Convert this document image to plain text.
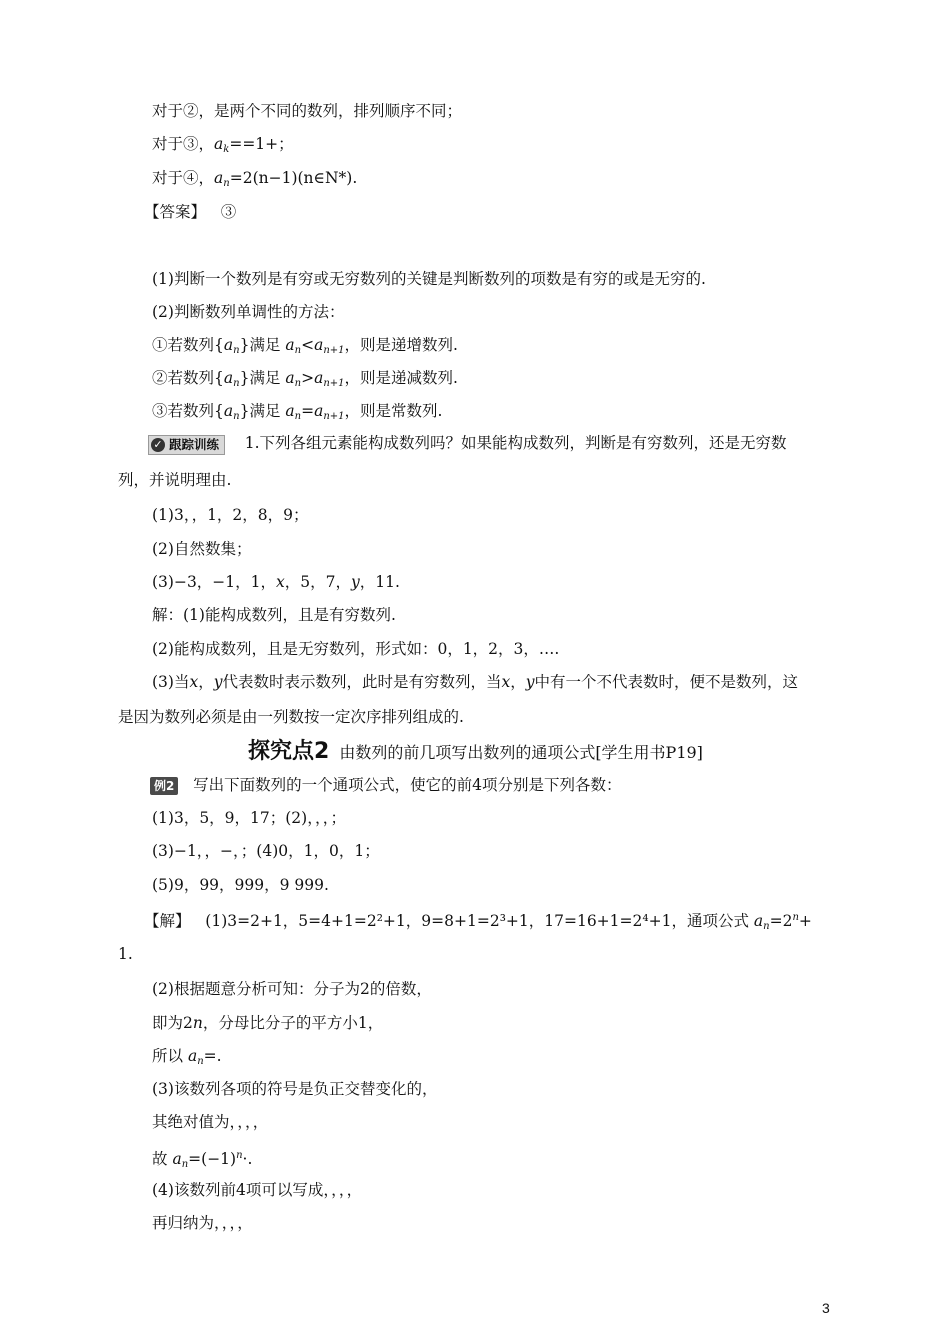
对于②，是两个不同的数列，排列顺序不同；
对于③，$a_k==1+$；
对于④，$a_n=2(n-1)(n\in N*)$.
【答案】 ③
(1)判断一个数列是有穷或无穷数列的关键是判断数列的项数是有穷的或是无穷的.
(2)判断数列单调性的方法：
①若数列$\{a_n\}$满足 $a_n<a_{n+1}$，则是递增数列.
②若数列$\{a_n\}$满足 $a_n>a_{n+1}$，则是递减数列.
③若数列$\{a_n\}$满足 $a_n=a_{n+1}$，则是常数列.
✓ 跟踪训练 1.下列各组元素能构成数列吗？如果能构成数列，判断是有穷数列，还是无穷数
列，并说明理由.
(1)3，，1，2，8，9；
(2)自然数集；
(3)−3，−1，1，x，5，7，y，11.
解：(1)能构成数列，且是有穷数列.
(2)能构成数列，且是无穷数列，形式如：0，1，2，3，….
(3)当x，y代表数时表示数列，此时是有穷数列，当x，y中有一个不代表数时，便不是数列，这
是因为数列必须是由一列数按一定次序排列组成的.
探究点2 由数列的前几项写出数列的通项公式[学生用书P19]
例2 写出下面数列的一个通项公式，使它的前4项分别是下列各数：
(1)3，5，9，17；(2)，，，；
(3)−1，，−，；(4)0，1，0，1；
(5)9，99，999，9 999.
【解】 (1)3=2+1，5=4+1=2²+1，9=8+1=2³+1，17=16+1=2⁴+1，通项公式 $a_n=2^n+$
1.
(2)根据题意分析可知：分子为2的倍数，
即为2n，分母比分子的平方小1，
所以 $a_n=$.
(3)该数列各项的符号是负正交替变化的，
其绝对值为，，，，
故 $a_n=(-1)^n\cdot$.
(4)该数列前4项可以写成，，，，
再归纳为，，，，
3
